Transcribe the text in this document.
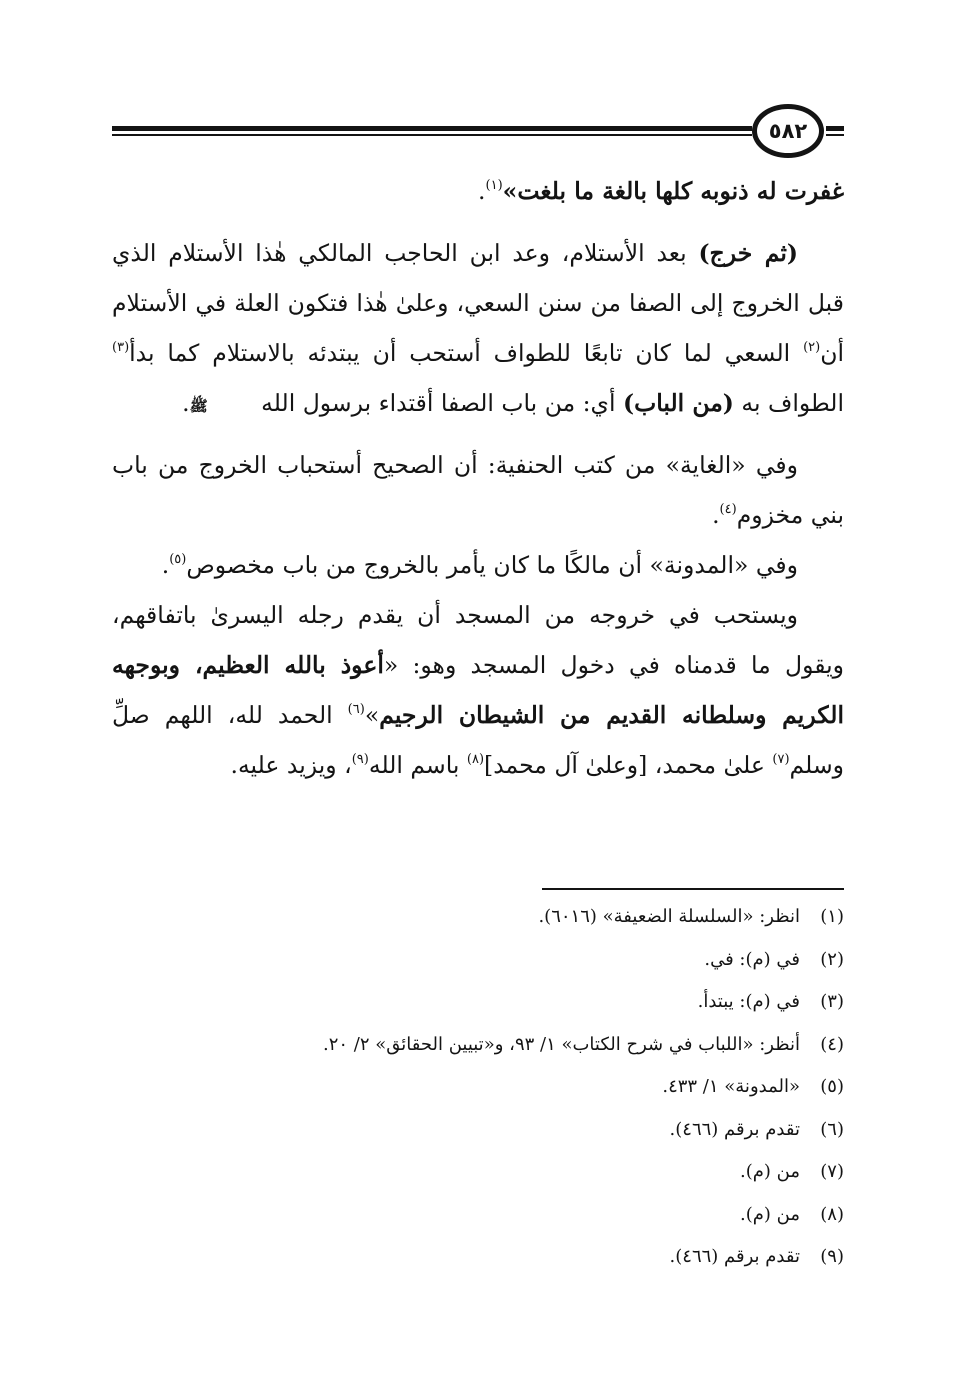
٥٨٢

غفرت له ذنوبه كلها بالغة ما بلغت»$^{(١)}$.

(ثم خرج) بعد الأستلام، وعد ابن الحاجب المالكي هٰذا الأستلام الذي قبل الخروج إلى الصفا من سنن السعي، وعلىٰ هٰذا فتكون العلة في الأستلام أن$^{(٢)}$ السعي لما كان تابعًا للطواف أستحب أن يبتدئه بالاستلام كما بدأ$^{(٣)}$ الطواف به (من الباب) أي: من باب الصفا أقتداء برسول الله ﷺ.

وفي «الغاية» من كتب الحنفية: أن الصحيح أستحباب الخروج من باب بني مخزوم$^{(٤)}$.

وفي «المدونة» أن مالكًا ما كان يأمر بالخروج من باب مخصوص$^{(٥)}$.

ويستحب في خروجه من المسجد أن يقدم رجله اليسرىٰ باتفاقهم، ويقول ما قدمناه في دخول المسجد وهو: «أعوذ بالله العظيم، وبوجهه الكريم وسلطانه القديم من الشيطان الرجيم»$^{(٦)}$ الحمد لله، اللهم صلِّ وسلم$^{(٧)}$ علىٰ محمد، [وعلىٰ آل محمد]$^{(٨)}$ باسم الله$^{(٩)}$، ويزيد عليه.

(١)
انظر: «السلسلة الضعيفة» (٦٠١٦).
(٢)
في (م): في.
(٣)
في (م): يبتدأ.
(٤)
أنظر: «اللباب في شرح الكتاب» ١/ ٩٣، و«تبيين الحقائق» ٢/ ٢٠.
(٥)
«المدونة» ١/ ٤٣٣.
(٦)
تقدم برقم (٤٦٦).
(٧)
من (م).
(٨)
من (م).
(٩)
تقدم برقم (٤٦٦).
